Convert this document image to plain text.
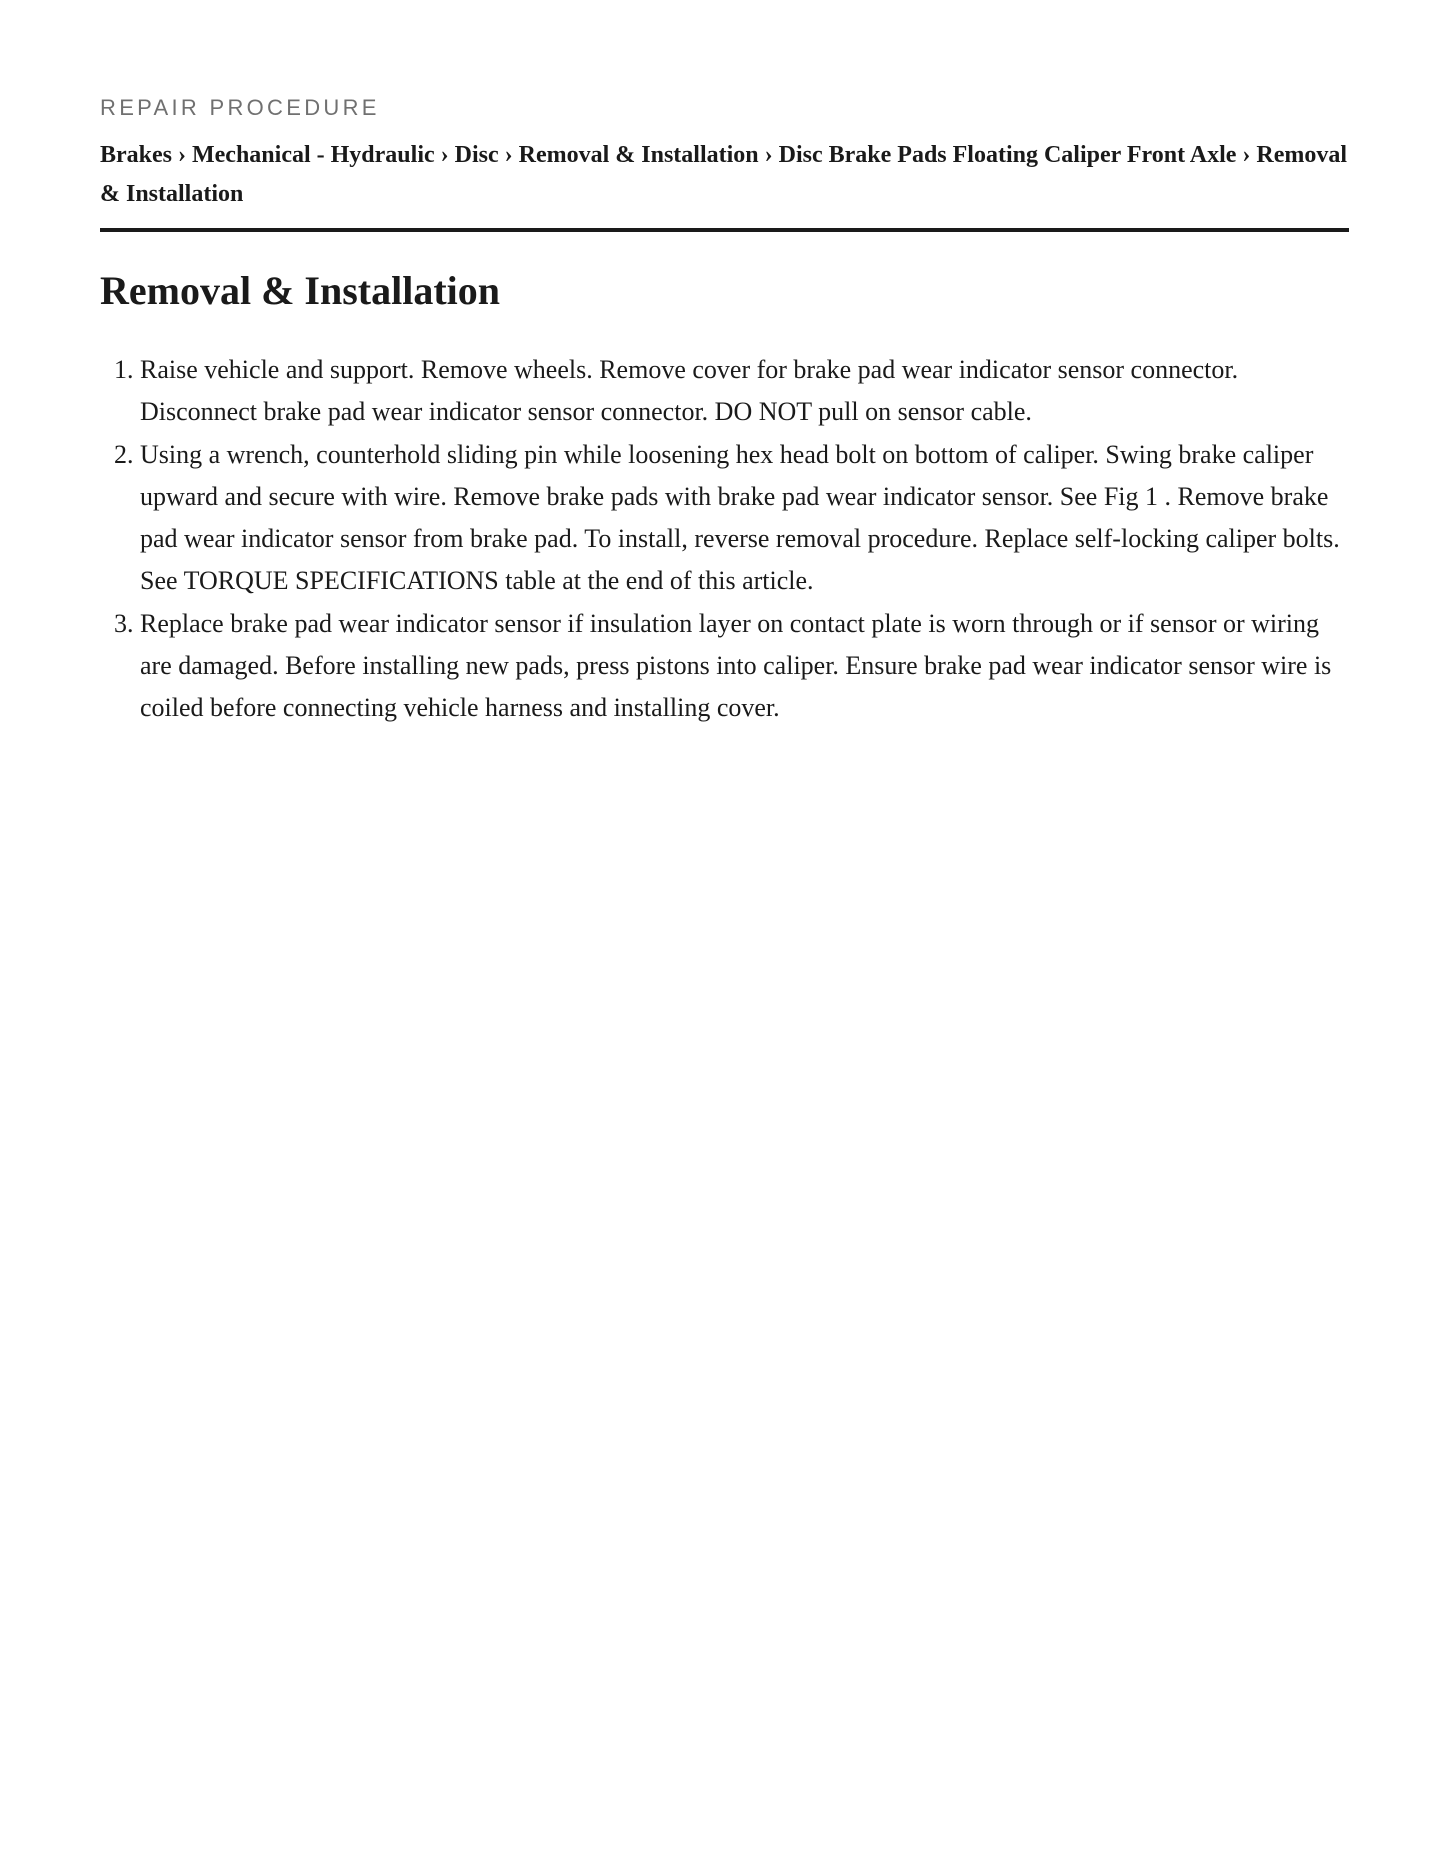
REPAIR PROCEDURE
Brakes › Mechanical - Hydraulic › Disc › Removal & Installation › Disc Brake Pads Floating Caliper Front Axle › Removal & Installation
Removal & Installation
1. Raise vehicle and support. Remove wheels. Remove cover for brake pad wear indicator sensor connector. Disconnect brake pad wear indicator sensor connector. DO NOT pull on sensor cable.
2. Using a wrench, counterhold sliding pin while loosening hex head bolt on bottom of caliper. Swing brake caliper upward and secure with wire. Remove brake pads with brake pad wear indicator sensor. See Fig 1 . Remove brake pad wear indicator sensor from brake pad. To install, reverse removal procedure. Replace self-locking caliper bolts. See TORQUE SPECIFICATIONS table at the end of this article.
3. Replace brake pad wear indicator sensor if insulation layer on contact plate is worn through or if sensor or wiring are damaged. Before installing new pads, press pistons into caliper. Ensure brake pad wear indicator sensor wire is coiled before connecting vehicle harness and installing cover.
